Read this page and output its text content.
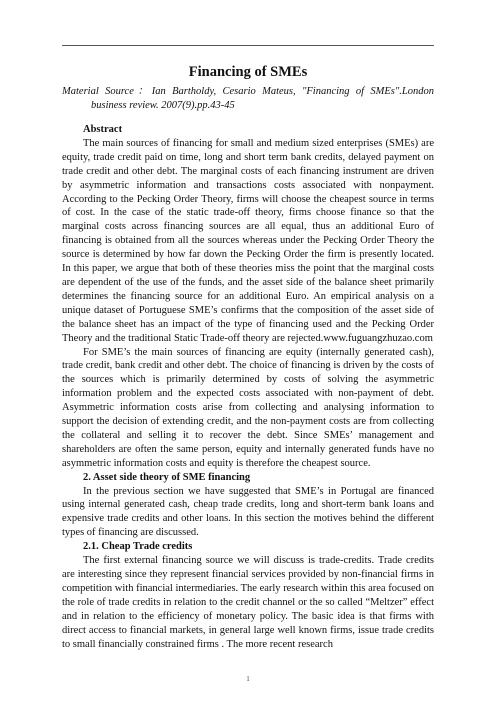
Financing of SMEs
Material Source：Ian Bartholdy, Cesario Mateus, "Financing of SMEs".London business review. 2007(9).pp.43-45
Abstract

The main sources of financing for small and medium sized enterprises (SMEs) are equity, trade credit paid on time, long and short term bank credits, delayed payment on trade credit and other debt. The marginal costs of each financing instrument are driven by asymmetric information and transactions costs associated with nonpayment. According to the Pecking Order Theory, firms will choose the cheapest source in terms of cost. In the case of the static trade-off theory, firms choose finance so that the marginal costs across financing sources are all equal, thus an additional Euro of financing is obtained from all the sources whereas under the Pecking Order Theory the source is determined by how far down the Pecking Order the firm is presently located. In this paper, we argue that both of these theories miss the point that the marginal costs are dependent of the use of the funds, and the asset side of the balance sheet primarily determines the financing source for an additional Euro. An empirical analysis on a unique dataset of Portuguese SME’s confirms that the composition of the asset side of the balance sheet has an impact of the type of financing used and the Pecking Order Theory and the traditional Static Trade-off theory are rejected.www.fuguangzhuzao.com

For SME’s the main sources of financing are equity (internally generated cash), trade credit, bank credit and other debt. The choice of financing is driven by the costs of the sources which is primarily determined by costs of solving the asymmetric information problem and the expected costs associated with non-payment of debt. Asymmetric information costs arise from collecting and analysing information to support the decision of extending credit, and the non-payment costs are from collecting the collateral and selling it to recover the debt. Since SMEs’ management and shareholders are often the same person, equity and internally generated funds have no asymmetric information costs and equity is therefore the cheapest source.

2. Asset side theory of SME financing

In the previous section we have suggested that SME’s in Portugal are financed using internal generated cash, cheap trade credits, long and short-term bank loans and expensive trade credits and other loans. In this section the motives behind the different types of financing are discussed.

2.1. Cheap Trade credits

The first external financing source we will discuss is trade-credits. Trade credits are interesting since they represent financial services provided by non-financial firms in competition with financial intermediaries. The early research within this area focused on the role of trade credits in relation to the credit channel or the so called “Meltzer” effect and in relation to the efficiency of monetary policy. The basic idea is that firms with direct access to financial markets, in general large well known firms, issue trade credits to small financially constrained firms . The more recent research

1
